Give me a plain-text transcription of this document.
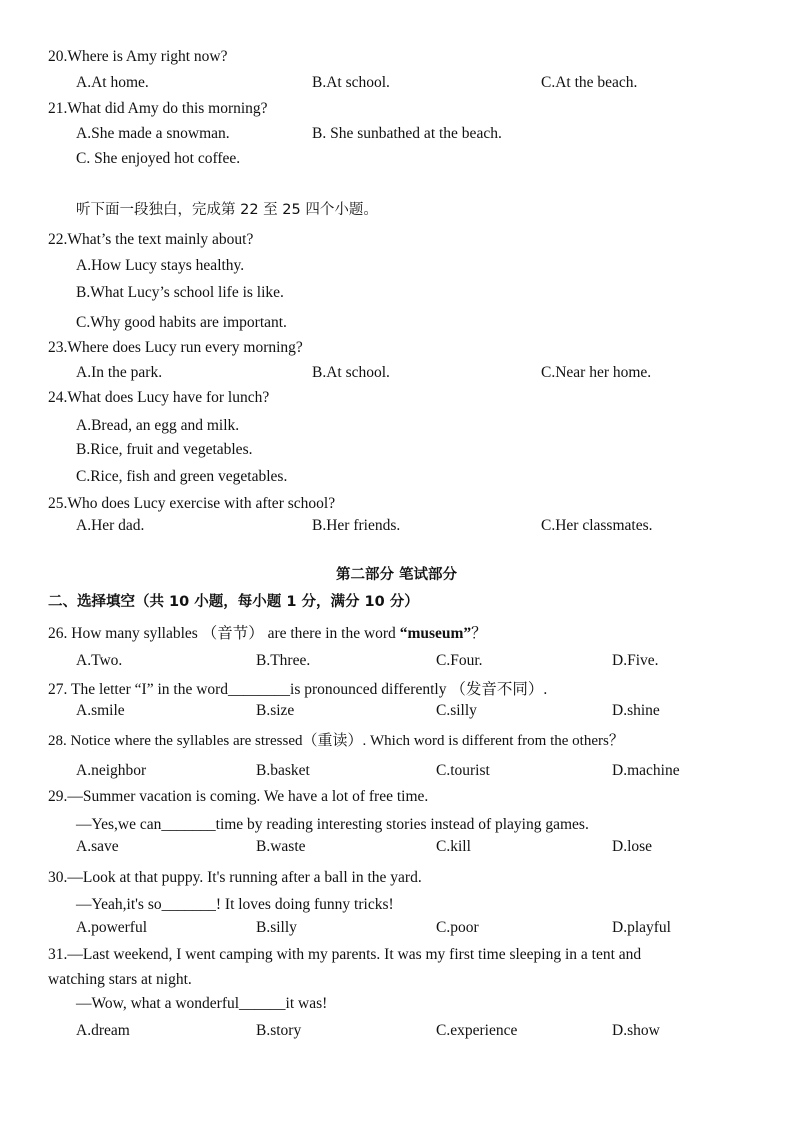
20.Where is Amy right now?
A.At home.	B.At school.	C.At the beach.
21.What did Amy do this morning?
A.She made a snowman.	B. She sunbathed at the beach.
C. She enjoyed hot coffee.
听下面一段独白，完成第 22 至 25 四个小题。
22.What’s the text mainly about?
A.How Lucy stays healthy.
B.What Lucy’s school life is like.
C.Why good habits are important.
23.Where does Lucy run every morning?
A.In the park.	B.At school.	C.Near her home.
24.What does Lucy have for lunch?
A.Bread, an egg and milk.
B.Rice, fruit and vegetables.
C.Rice, fish and green vegetables.
25.Who does Lucy exercise with after school?
A.Her dad.	B.Her friends.	C.Her classmates.
第二部分 笔试部分
二、选择填空（共 10 小题，每小题 1 分，满分 10 分）
26. How many syllables （音节） are there in the word “museum”？
A.Two.	B.Three.	C.Four.	D.Five.
27. The letter “I” in the word________is pronounced differently （发音不同）.
A.smile	B.size	C.silly	D.shine
28. Notice where the syllables are stressed（重读）. Which word is different from the others？
A.neighbor	B.basket	C.tourist	D.machine
29.—Summer vacation is coming. We have a lot of free time.
—Yes,we can_______time by reading interesting stories instead of playing games.
A.save	B.waste	C.kill	D.lose
30.—Look at that puppy. It's running after a ball in the yard.
—Yeah,it's so_______! It loves doing funny tricks!
A.powerful	B.silly	C.poor	D.playful
31.—Last weekend, I went camping with my parents. It was my first time sleeping in a tent and
watching stars at night.
—Wow, what a wonderful______it was!
A.dream	B.story	C.experience	D.show
